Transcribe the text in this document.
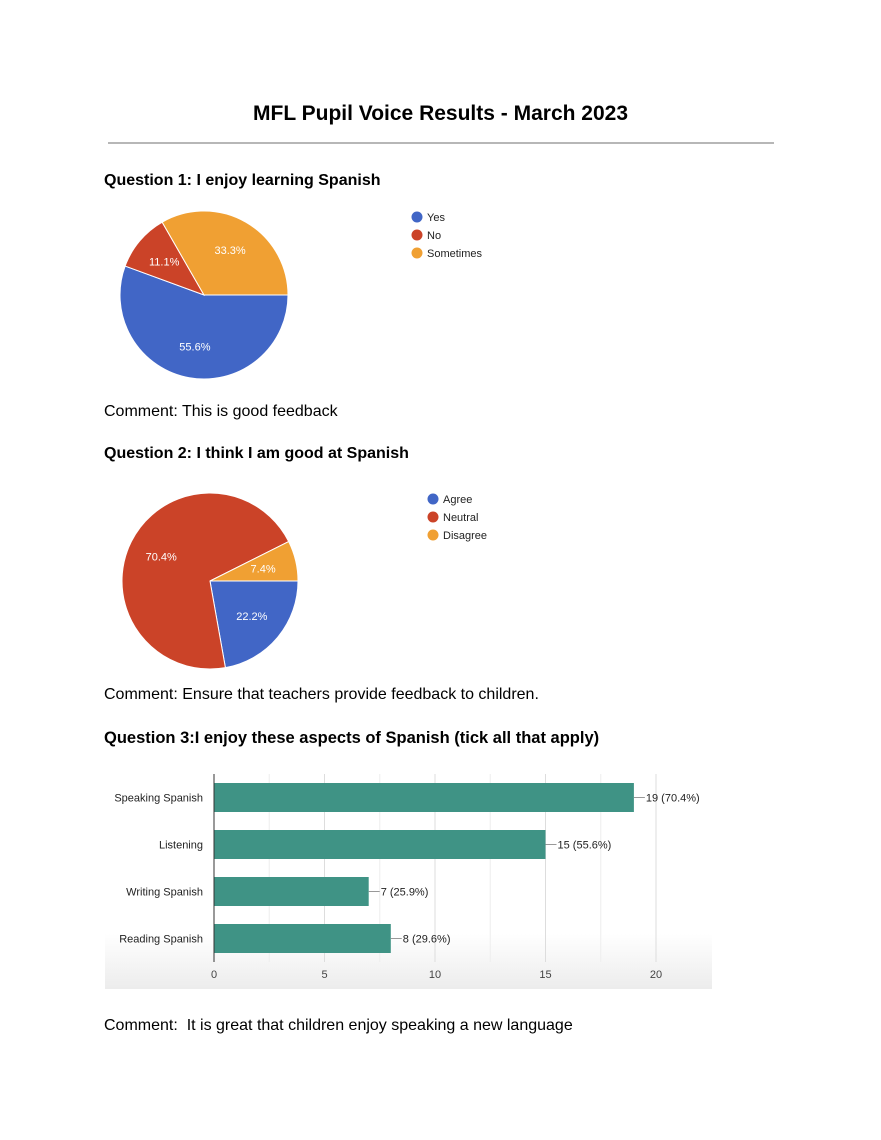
MFL Pupil Voice Results - March 2023
Question 1: I enjoy learning Spanish
Comment: This is good feedback
Question 2: I think I am good at Spanish
Comment: Ensure that teachers provide feedback to children.
Question 3:I enjoy these aspects of Spanish (tick all that apply)
Comment:  It is great that children enjoy speaking a new language
55.6%
11.1%
33.3%
Yes
No
Sometimes
22.2%
70.4%
7.4%
Agree
Neutral
Disagree
0	5	10	15	20
19 (70.4%)
Speaking Spanish
15 (55.6%)
Listening
7 (25.9%)
Writing Spanish
8 (29.6%)
Reading Spanish
